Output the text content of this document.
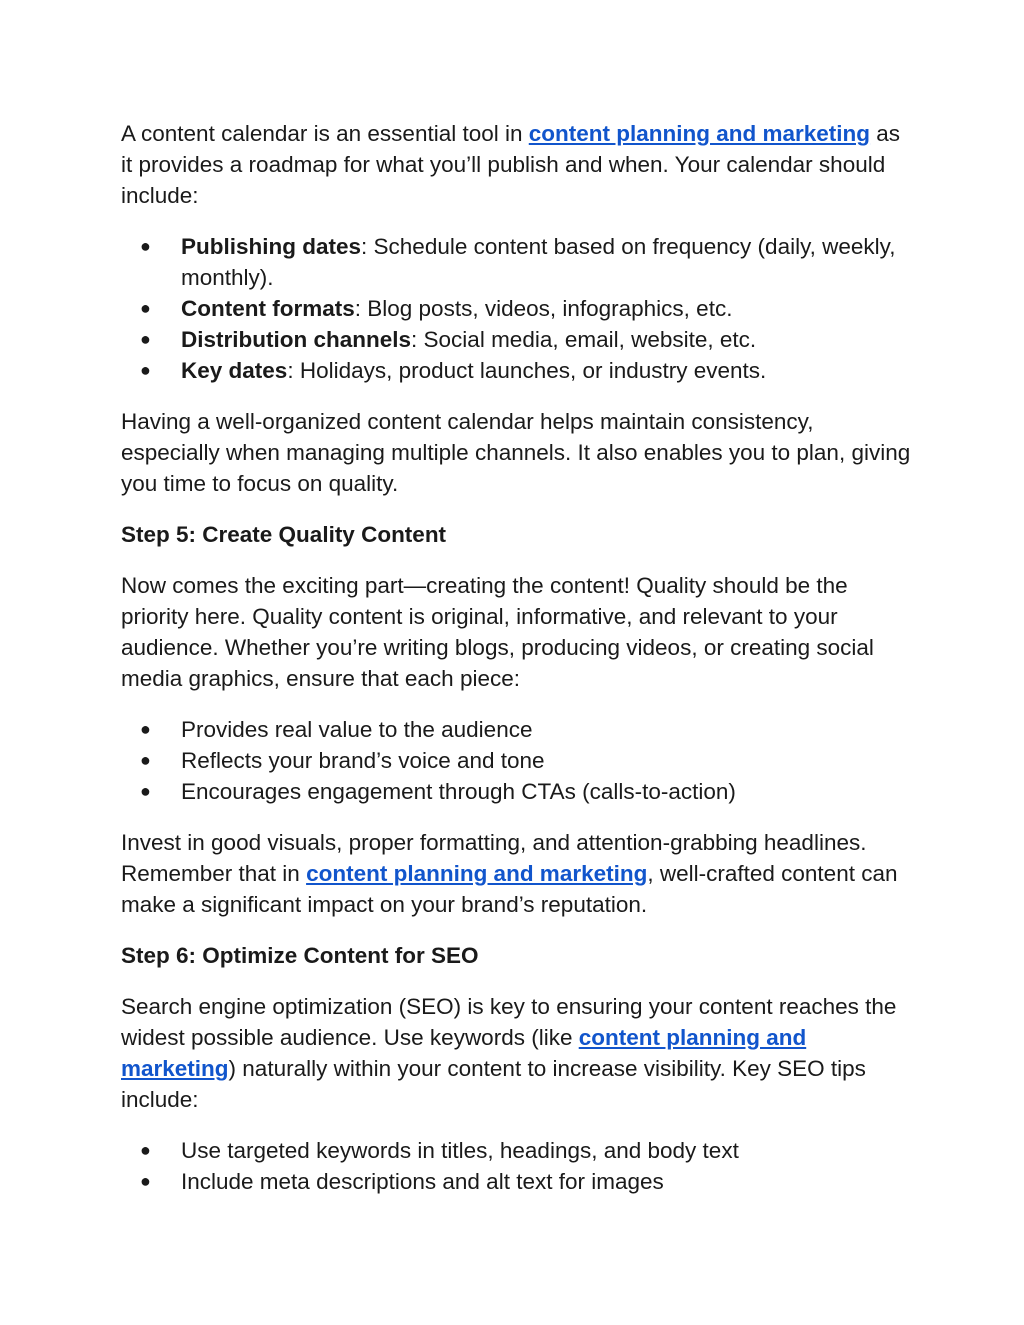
A content calendar is an essential tool in content planning and marketing as it provides a roadmap for what you’ll publish and when. Your calendar should include:

● Publishing dates: Schedule content based on frequency (daily, weekly, monthly).
● Content formats: Blog posts, videos, infographics, etc.
● Distribution channels: Social media, email, website, etc.
● Key dates: Holidays, product launches, or industry events.

Having a well-organized content calendar helps maintain consistency, especially when managing multiple channels. It also enables you to plan, giving you time to focus on quality.

Step 5: Create Quality Content

Now comes the exciting part—creating the content! Quality should be the priority here. Quality content is original, informative, and relevant to your audience. Whether you’re writing blogs, producing videos, or creating social media graphics, ensure that each piece:

● Provides real value to the audience
● Reflects your brand’s voice and tone
● Encourages engagement through CTAs (calls-to-action)

Invest in good visuals, proper formatting, and attention-grabbing headlines. Remember that in content planning and marketing, well-crafted content can make a significant impact on your brand’s reputation.

Step 6: Optimize Content for SEO

Search engine optimization (SEO) is key to ensuring your content reaches the widest possible audience. Use keywords (like content planning and marketing) naturally within your content to increase visibility. Key SEO tips include:

● Use targeted keywords in titles, headings, and body text
● Include meta descriptions and alt text for images
